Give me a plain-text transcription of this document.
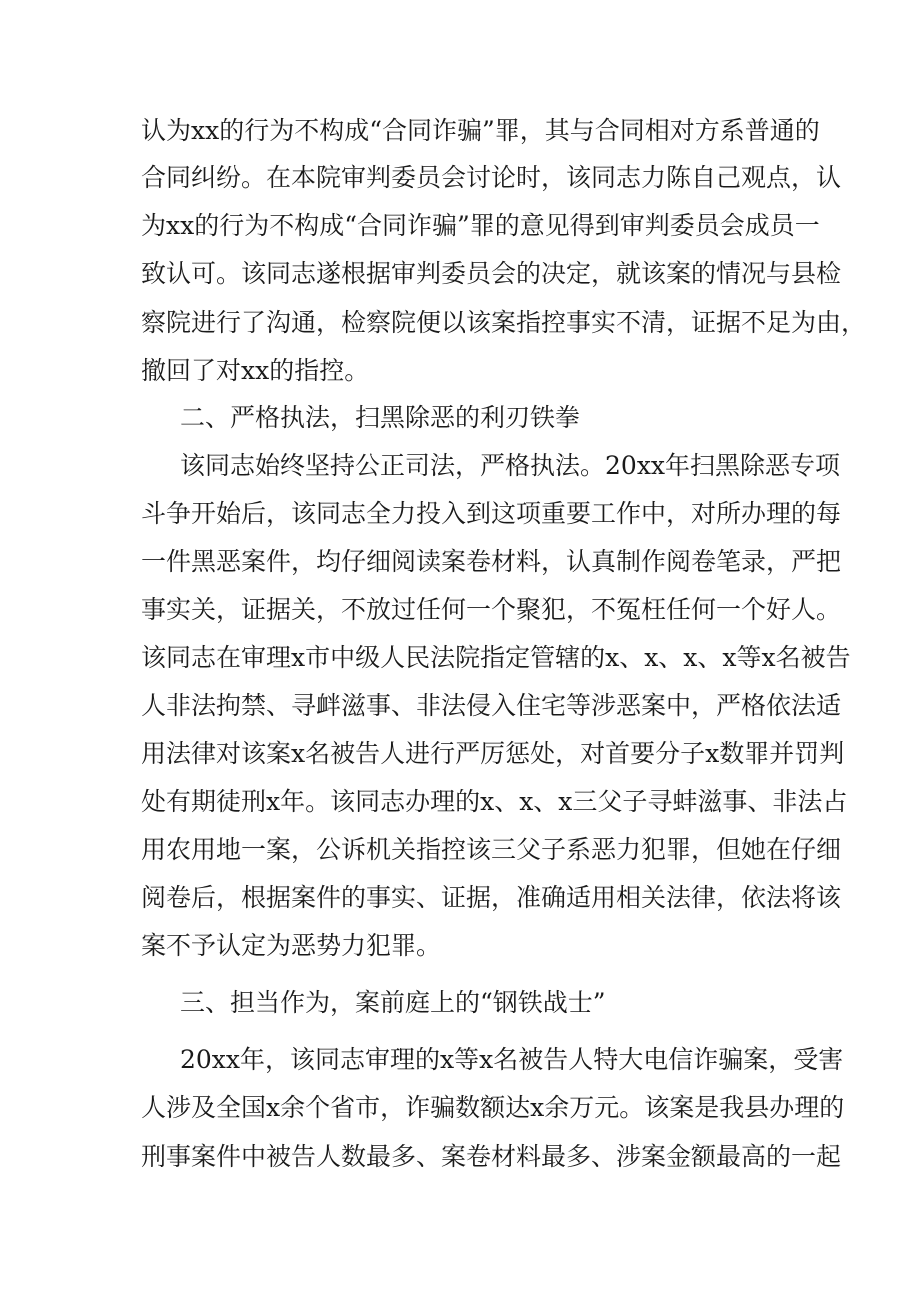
认为xx的行为不构成“合同诈骗”罪，其与合同相对方系普通的
合同纠纷。在本院审判委员会讨论时，该同志力陈自己观点，认
为xx的行为不构成“合同诈骗”罪的意见得到审判委员会成员一
致认可。该同志遂根据审判委员会的决定，就该案的情况与县检
察院进行了沟通，检察院便以该案指控事实不清，证据不足为由，
撤回了对xx的指控。
二、严格执法，扫黑除恶的利刃铁拳
该同志始终坚持公正司法，严格执法。20xx年扫黑除恶专项
斗争开始后，该同志全力投入到这项重要工作中，对所办理的每
一件黑恶案件，均仔细阅读案卷材料，认真制作阅卷笔录，严把
事实关，证据关，不放过任何一个聚犯，不冤枉任何一个好人。
该同志在审理x市中级人民法院指定管辖的x、x、x、x等x名被告
人非法拘禁、寻衅滋事、非法侵入住宅等涉恶案中，严格依法适
用法律对该案x名被告人进行严厉惩处，对首要分子x数罪并罚判
处有期徒刑x年。该同志办理的x、x、x三父子寻蚌滋事、非法占
用农用地一案，公诉机关指控该三父子系恶力犯罪，但她在仔细
阅卷后，根据案件的事实、证据，准确适用相关法律，依法将该
案不予认定为恶势力犯罪。
三、担当作为，案前庭上的“钢铁战士”
20xx年，该同志审理的x等x名被告人特大电信诈骗案，受害
人涉及全国x余个省市，诈骗数额达x余万元。该案是我县办理的
刑事案件中被告人数最多、案卷材料最多、涉案金额最高的一起
